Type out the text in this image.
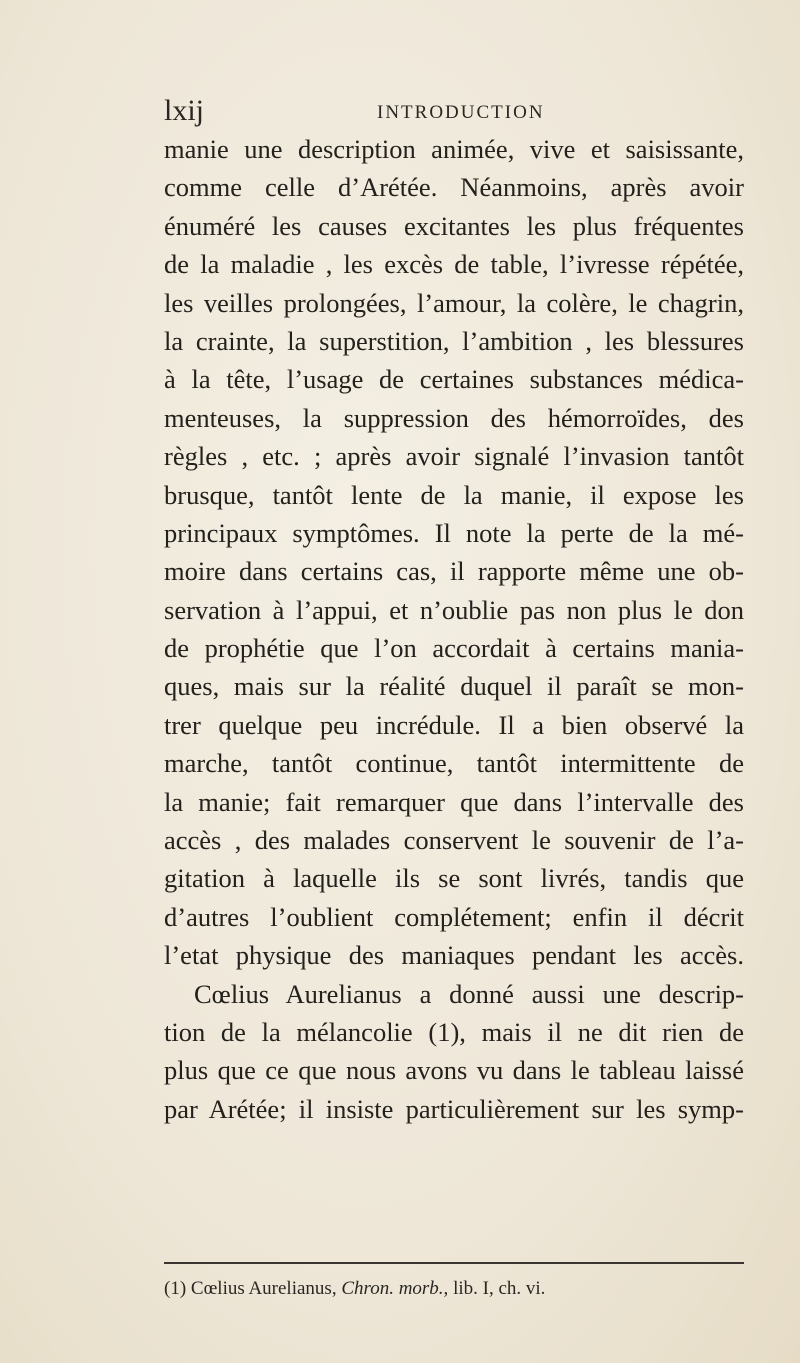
lxij	INTRODUCTION
manie une description animée, vive et saisissante,
comme celle d’Arétée. Néanmoins, après avoir
énuméré les causes excitantes les plus fréquentes
de la maladie , les excès de table, l’ivresse répétée,
les veilles prolongées, l’amour, la colère, le chagrin,
la crainte, la superstition, l’ambition , les blessures
à la tête, l’usage de certaines substances médica-
menteuses, la suppression des hémorroïdes, des
règles , etc. ; après avoir signalé l’invasion tantôt
brusque, tantôt lente de la manie, il expose les
principaux symptômes. Il note la perte de la mé-
moire dans certains cas, il rapporte même une ob-
servation à l’appui, et n’oublie pas non plus le don
de prophétie que l’on accordait à certains mania-
ques, mais sur la réalité duquel il paraît se mon-
trer quelque peu incrédule. Il a bien observé la
marche, tantôt continue, tantôt intermittente de
la manie; fait remarquer que dans l’intervalle des
accès , des malades conservent le souvenir de l’a-
gitation à laquelle ils se sont livrés, tandis que
d’autres l’oublient complétement; enfin il décrit
l’etat physique des maniaques pendant les accès.
Cœlius Aurelianus a donné aussi une descrip-
tion de la mélancolie (1), mais il ne dit rien de
plus que ce que nous avons vu dans le tableau laissé
par Arétée; il insiste particulièrement sur les symp-
(1) Cœlius Aurelianus, Chron. morb., lib. I, ch. vi.
